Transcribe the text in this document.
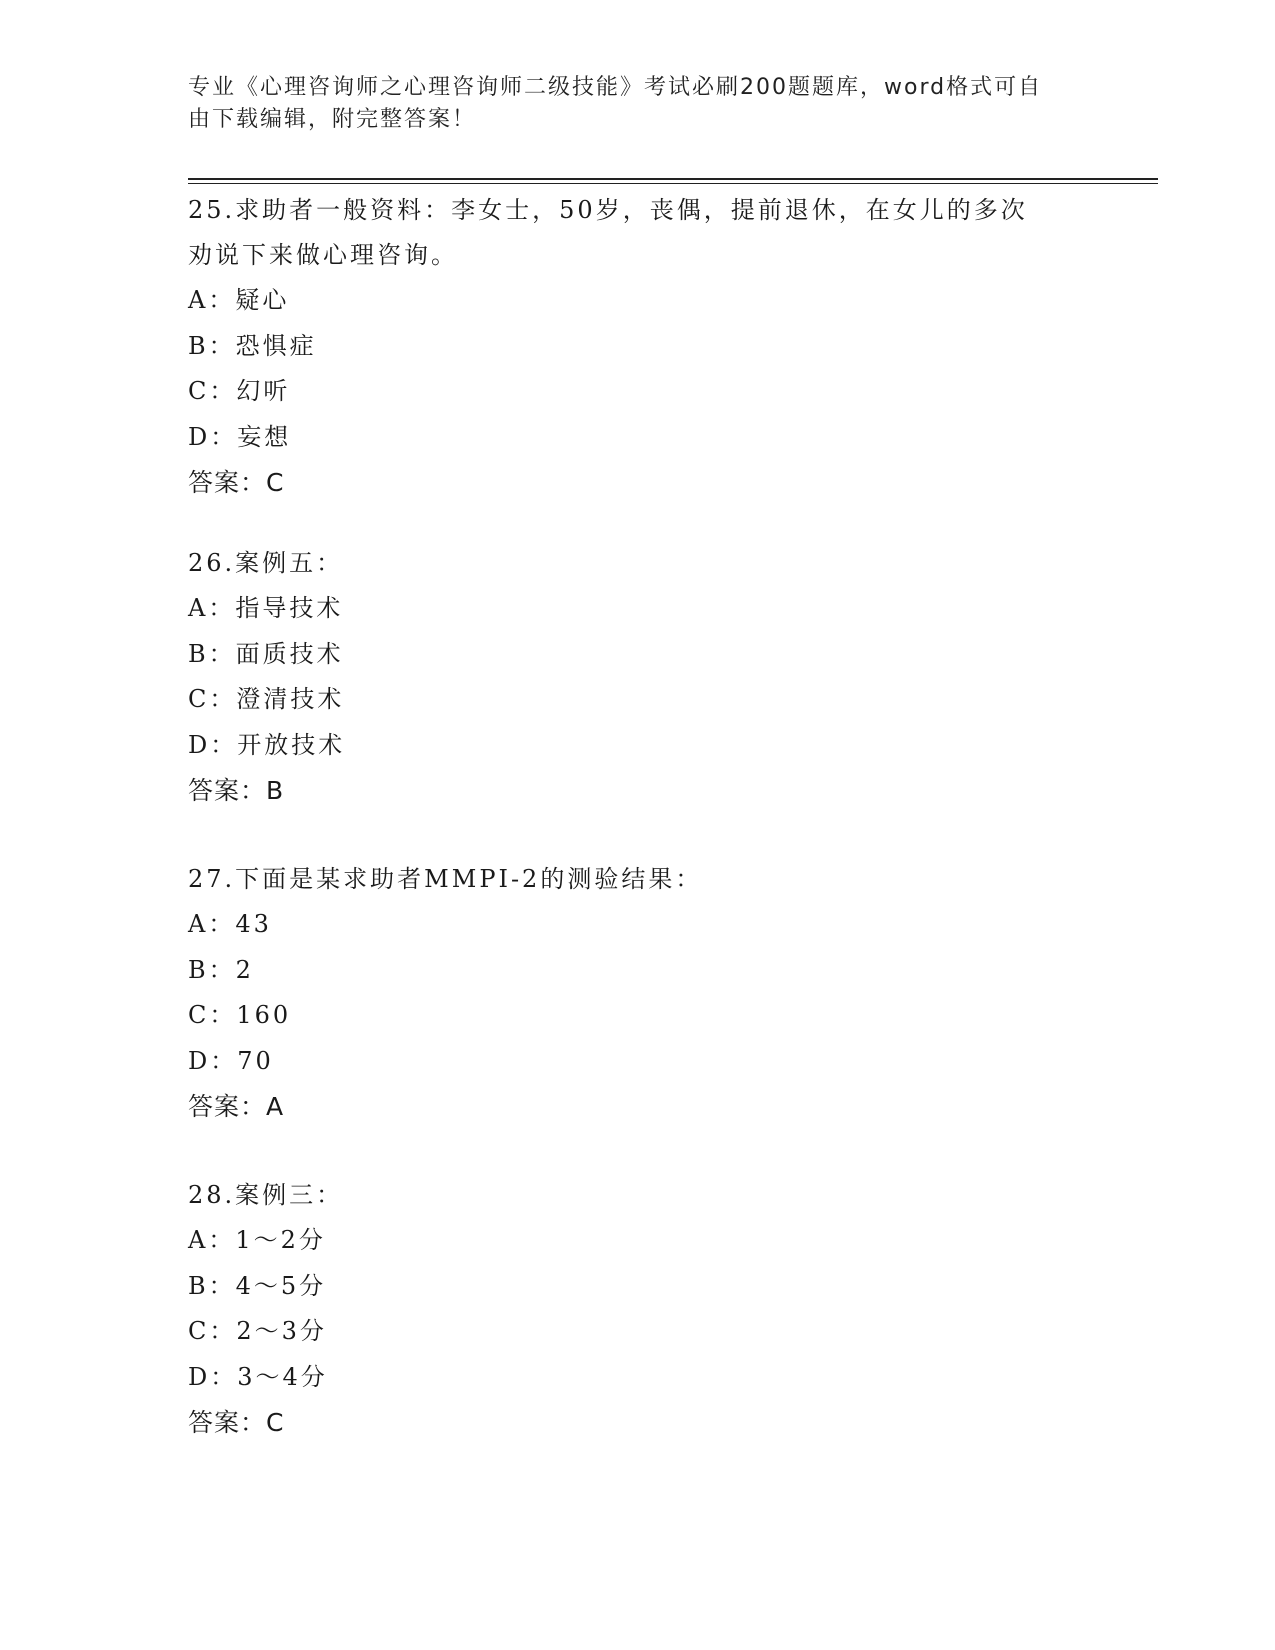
专业《心理咨询师之心理咨询师二级技能》考试必刷200题题库，word格式可自
由下载编辑，附完整答案！
25.求助者一般资料：李女士，50岁，丧偶，提前退休，在女儿的多次
劝说下来做心理咨询。
A：疑心
B：恐惧症
C：幻听
D：妄想
答案：C
26.案例五：
A：指导技术
B：面质技术
C：澄清技术
D：开放技术
答案：B
27.下面是某求助者MMPI-2的测验结果：
A：43
B：2
C：160
D：70
答案：A
28.案例三：
A：1～2分
B：4～5分
C：2～3分
D：3～4分
答案：C
